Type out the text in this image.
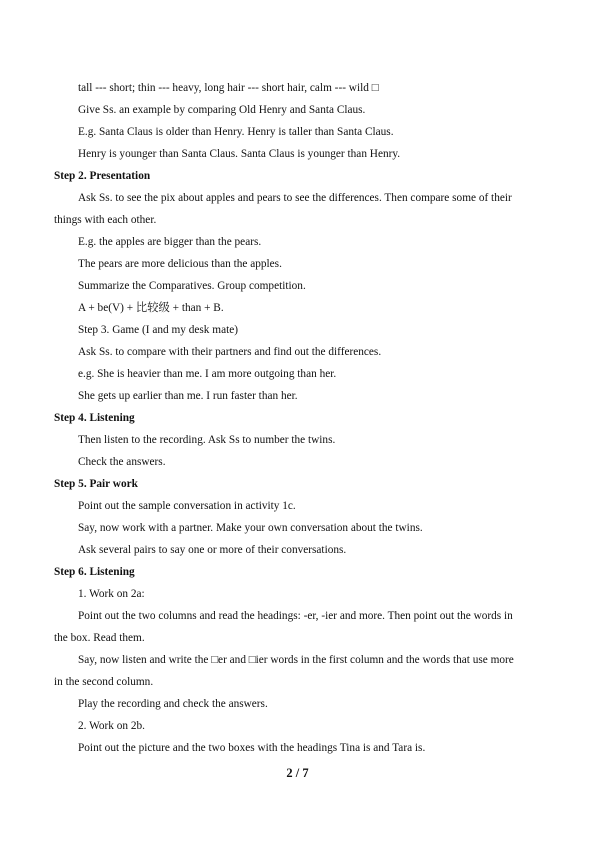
tall --- short; thin --- heavy, long hair --- short hair, calm --- wild □
Give Ss. an example by comparing Old Henry and Santa Claus.
E.g. Santa Claus is older than Henry. Henry is taller than Santa Claus.
Henry is younger than Santa Claus. Santa Claus is younger than Henry.
Step 2. Presentation
Ask Ss. to see the pix about apples and pears to see the differences. Then compare some of their
things with each other.
E.g. the apples are bigger than the pears.
The pears are more delicious than the apples.
Summarize the Comparatives. Group competition.
A + be(V) + 比较级 + than + B.
Step 3. Game (I and my desk mate)
Ask Ss. to compare with their partners and find out the differences.
e.g. She is heavier than me. I am more outgoing than her.
She gets up earlier than me. I run faster than her.
Step 4. Listening
Then listen to the recording. Ask Ss to number the twins.
Check the answers.
Step 5. Pair work
Point out the sample conversation in activity 1c.
Say, now work with a partner. Make your own conversation about the twins.
Ask several pairs to say one or more of their conversations.
Step 6. Listening
1. Work on 2a:
Point out the two columns and read the headings: -er, -ier and more. Then point out the words in
the box. Read them.
Say, now listen and write the □er and □ier words in the first column and the words that use more
in the second column.
Play the recording and check the answers.
2. Work on 2b.
Point out the picture and the two boxes with the headings Tina is and Tara is.
2 / 7
